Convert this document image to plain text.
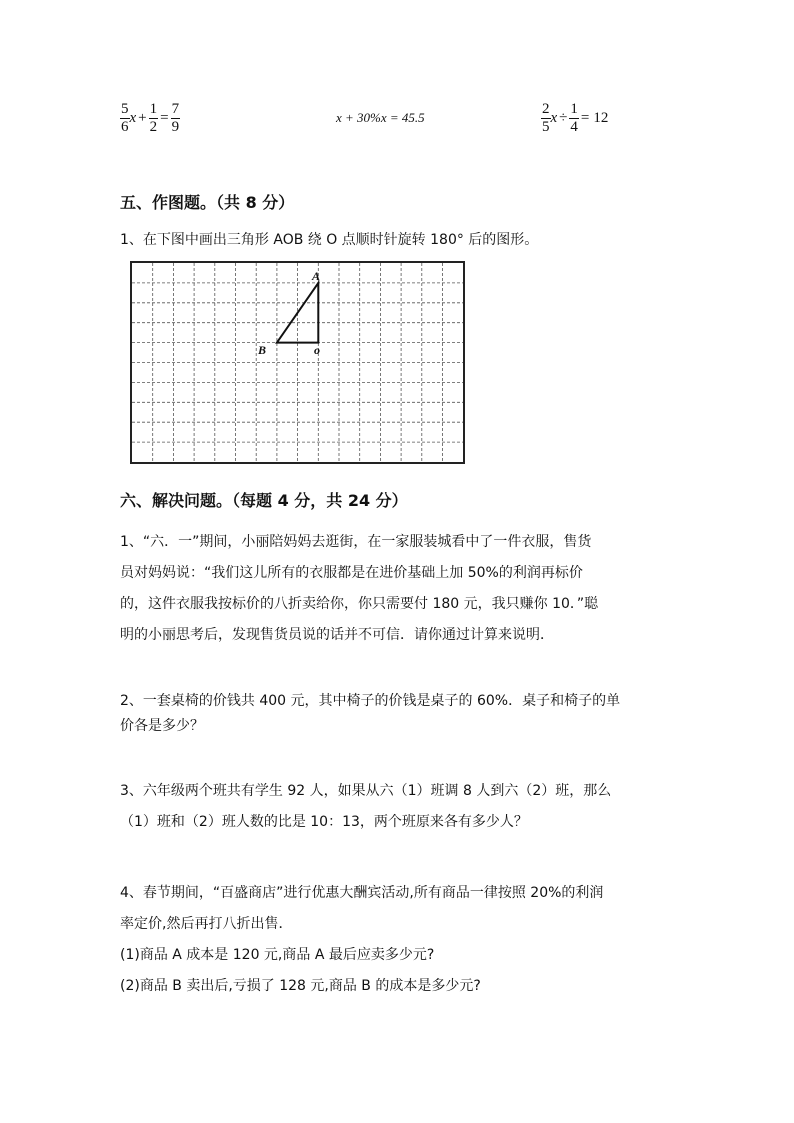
$\frac{5}{6}$ $x + \frac{1}{2} = \frac{7}{9}$	x + 30%x = 45.5	$\frac{2}{5}$ $x \div \frac{1}{4} = 12$
五、作图题。（共 8 分）
1、在下图中画出三角形 AOB 绕 O 点顺时针旋转 180° 后的图形。
A
B	o
六、解决问题。（每题 4 分，共 24 分）
1、“六．一”期间，小丽陪妈妈去逛街，在一家服装城看中了一件衣服，售货
员对妈妈说：“我们这儿所有的衣服都是在进价基础上加 50%的利润再标价
的，这件衣服我按标价的八折卖给你，你只需要付 180 元，我只赚你 10．”聪
明的小丽思考后，发现售货员说的话并不可信．请你通过计算来说明．
2、一套桌椅的价钱共 400 元，其中椅子的价钱是桌子的 60%．桌子和椅子的单
价各是多少？
3、六年级两个班共有学生 92 人，如果从六（1）班调 8 人到六（2）班，那么
（1）班和（2）班人数的比是 10：13，两个班原来各有多少人？
4、春节期间，“百盛商店”进行优惠大酬宾活动,所有商品一律按照 20%的利润
率定价,然后再打八折出售．
(1)商品 A 成本是 120 元,商品 A 最后应卖多少元?
(2)商品 B 卖出后,亏损了 128 元,商品 B 的成本是多少元?
